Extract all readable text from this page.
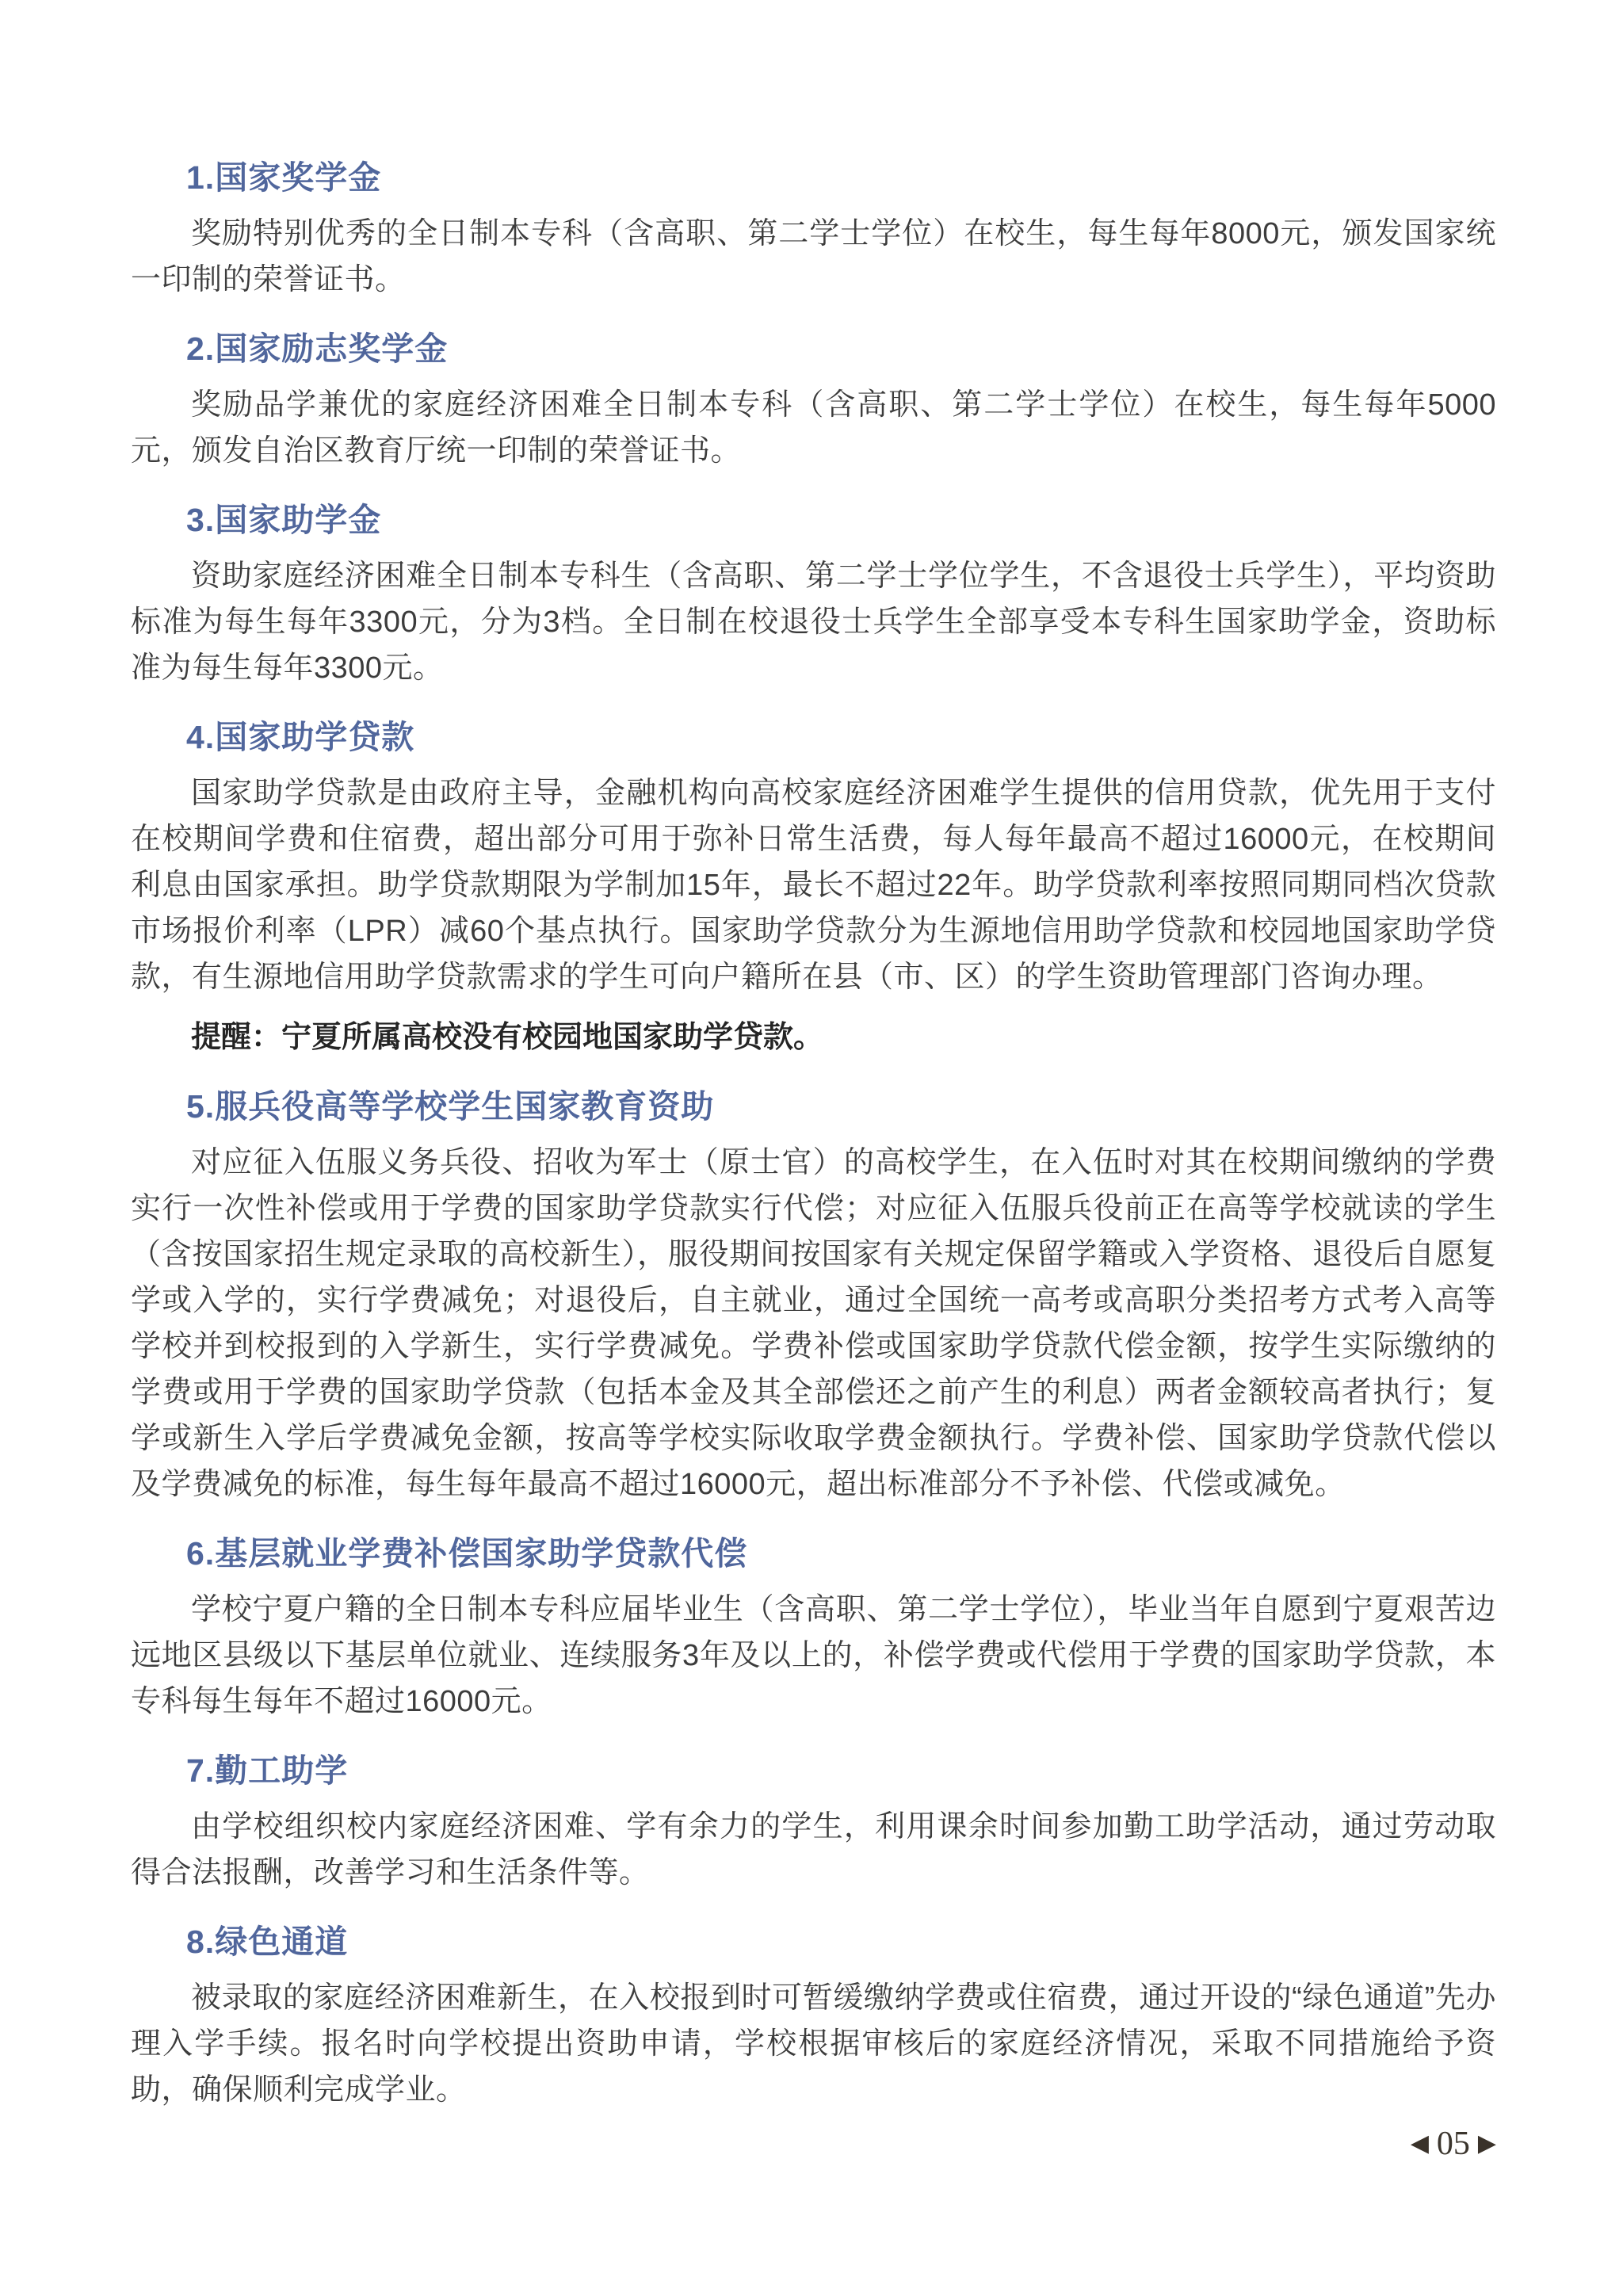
1.国家奖学金

奖励特别优秀的全日制本专科（含高职、第二学士学位）在校生，每生每年8000元，颁发国家统一印制的荣誉证书。

2.国家励志奖学金

奖励品学兼优的家庭经济困难全日制本专科（含高职、第二学士学位）在校生，每生每年5000元，颁发自治区教育厅统一印制的荣誉证书。

3.国家助学金

资助家庭经济困难全日制本专科生（含高职、第二学士学位学生，不含退役士兵学生），平均资助标准为每生每年3300元，分为3档。全日制在校退役士兵学生全部享受本专科生国家助学金，资助标准为每生每年3300元。

4.国家助学贷款

国家助学贷款是由政府主导，金融机构向高校家庭经济困难学生提供的信用贷款，优先用于支付在校期间学费和住宿费，超出部分可用于弥补日常生活费，每人每年最高不超过16000元，在校期间利息由国家承担。助学贷款期限为学制加15年，最长不超过22年。助学贷款利率按照同期同档次贷款市场报价利率（LPR）减60个基点执行。国家助学贷款分为生源地信用助学贷款和校园地国家助学贷款，有生源地信用助学贷款需求的学生可向户籍所在县（市、区）的学生资助管理部门咨询办理。

提醒：宁夏所属高校没有校园地国家助学贷款。

5.服兵役高等学校学生国家教育资助

对应征入伍服义务兵役、招收为军士（原士官）的高校学生，在入伍时对其在校期间缴纳的学费实行一次性补偿或用于学费的国家助学贷款实行代偿；对应征入伍服兵役前正在高等学校就读的学生（含按国家招生规定录取的高校新生），服役期间按国家有关规定保留学籍或入学资格、退役后自愿复学或入学的，实行学费减免；对退役后，自主就业，通过全国统一高考或高职分类招考方式考入高等学校并到校报到的入学新生，实行学费减免。学费补偿或国家助学贷款代偿金额，按学生实际缴纳的学费或用于学费的国家助学贷款（包括本金及其全部偿还之前产生的利息）两者金额较高者执行；复学或新生入学后学费减免金额，按高等学校实际收取学费金额执行。学费补偿、国家助学贷款代偿以及学费减免的标准，每生每年最高不超过16000元，超出标准部分不予补偿、代偿或减免。

6.基层就业学费补偿国家助学贷款代偿

学校宁夏户籍的全日制本专科应届毕业生（含高职、第二学士学位），毕业当年自愿到宁夏艰苦边远地区县级以下基层单位就业、连续服务3年及以上的，补偿学费或代偿用于学费的国家助学贷款，本专科每生每年不超过16000元。

7.勤工助学

由学校组织校内家庭经济困难、学有余力的学生，利用课余时间参加勤工助学活动，通过劳动取得合法报酬，改善学习和生活条件等。

8.绿色通道

被录取的家庭经济困难新生，在入校报到时可暂缓缴纳学费或住宿费，通过开设的“绿色通道”先办理入学手续。报名时向学校提出资助申请，学校根据审核后的家庭经济情况，采取不同措施给予资助，确保顺利完成学业。

◀ 05 ▶
